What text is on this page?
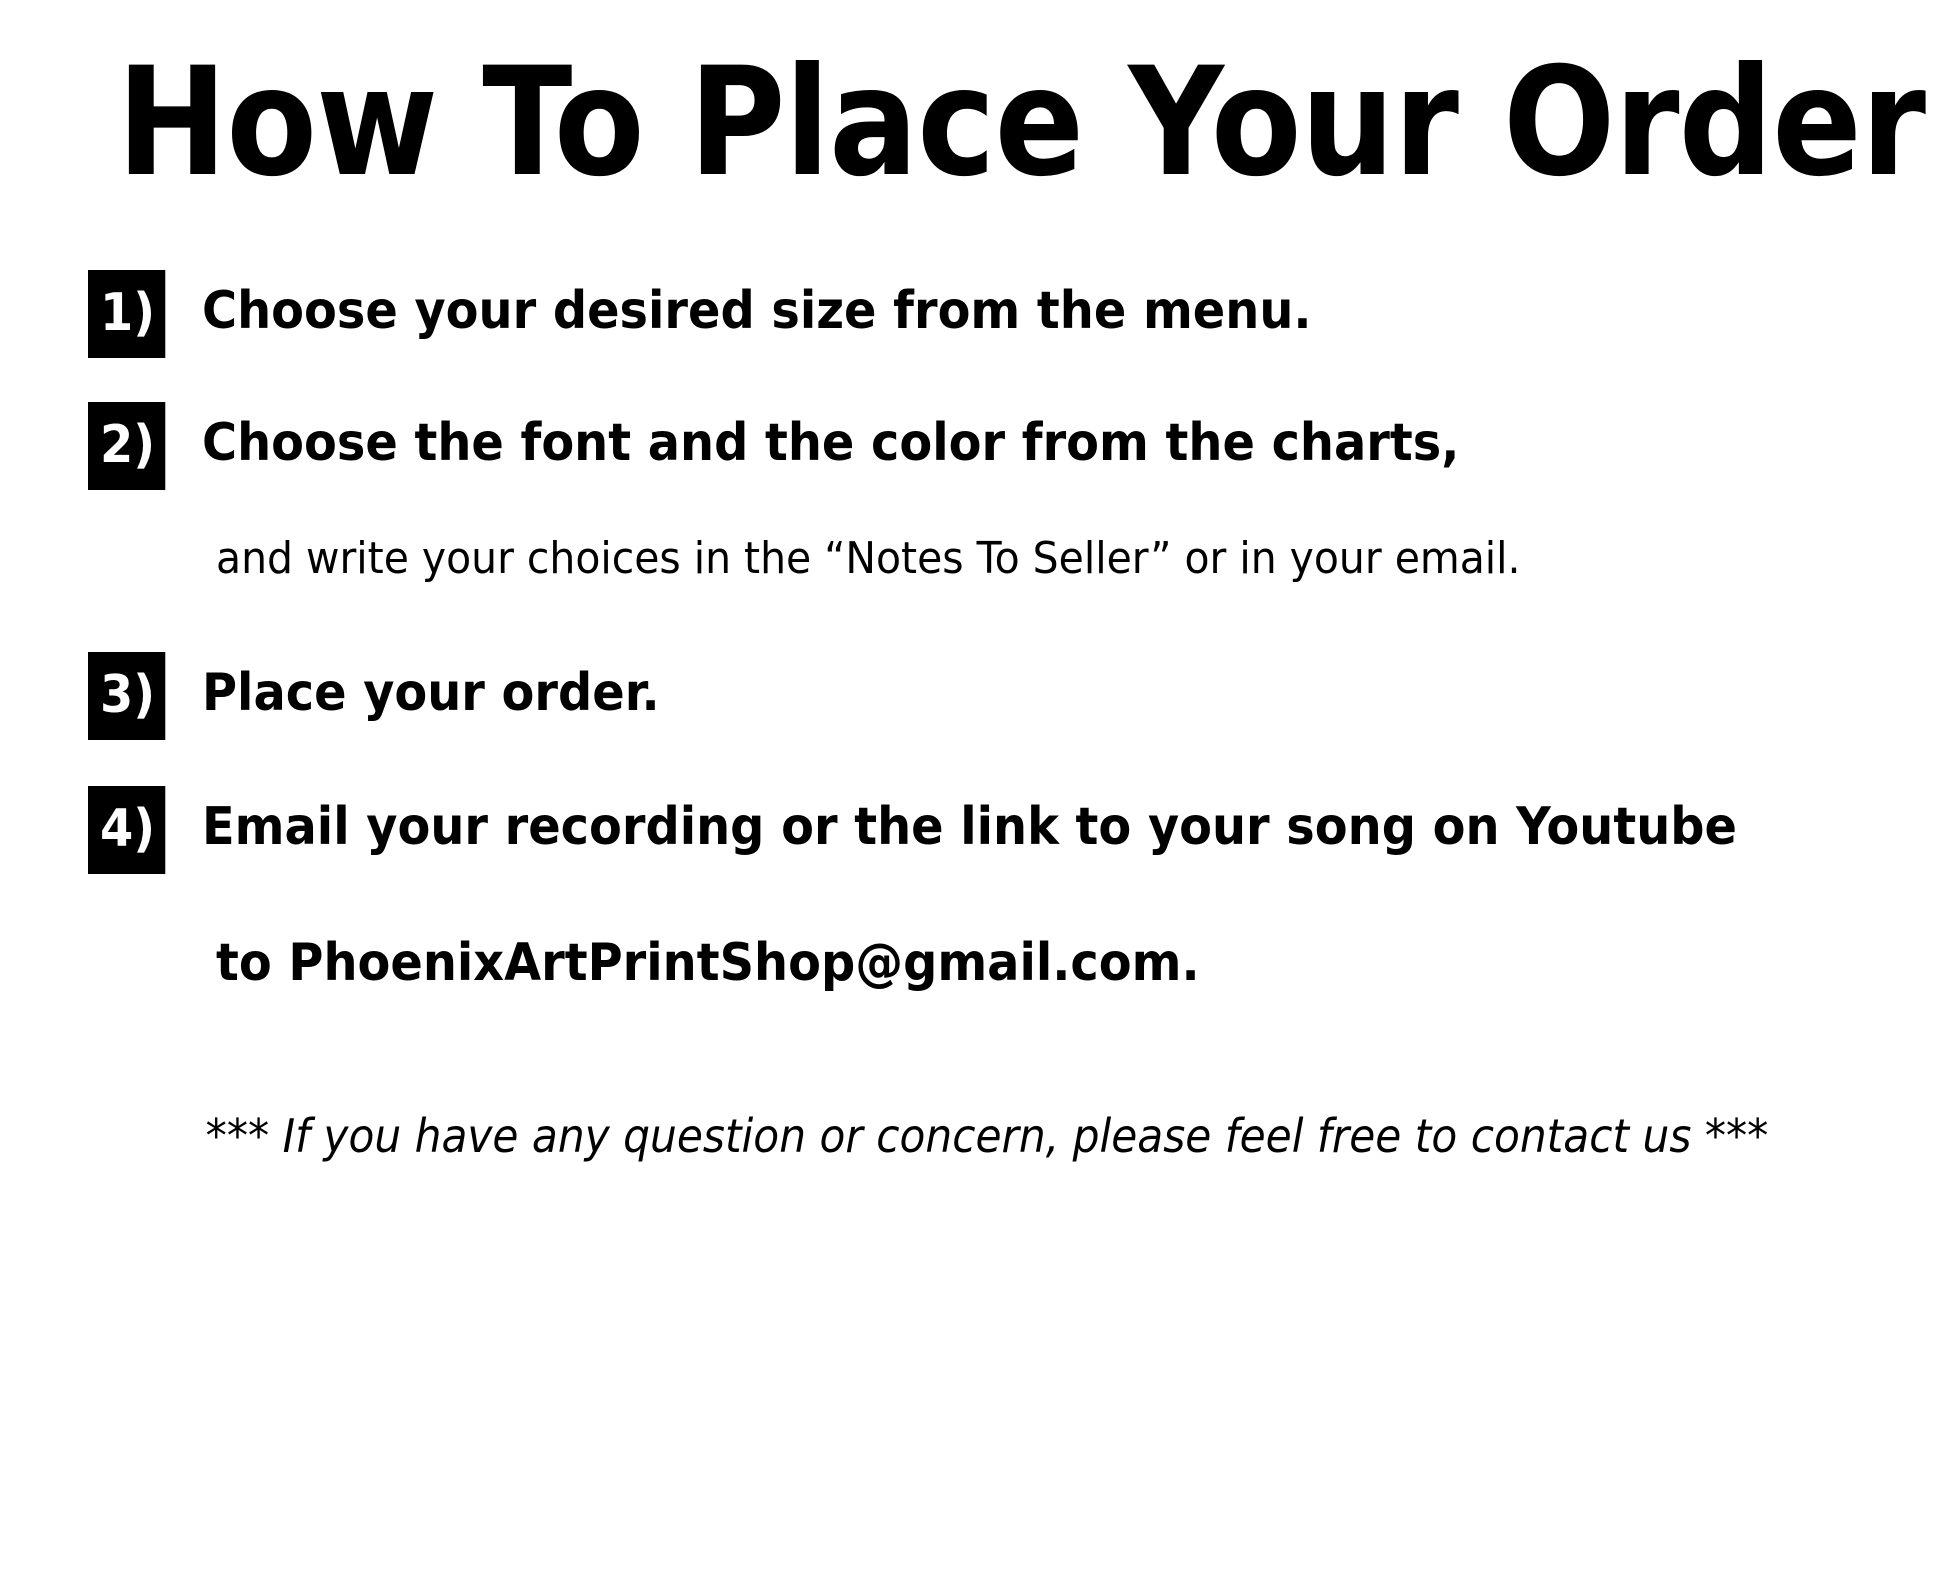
How To Place Your Order
1) Choose your desired size from the menu.
2) Choose the font and the color from the charts,
and write your choices in the “Notes To Seller” or in your email.
3) Place your order.
4) Email your recording or the link to your song on Youtube
to PhoenixArtPrintShop@gmail.com.
*** If you have any question or concern, please feel free to contact us ***
